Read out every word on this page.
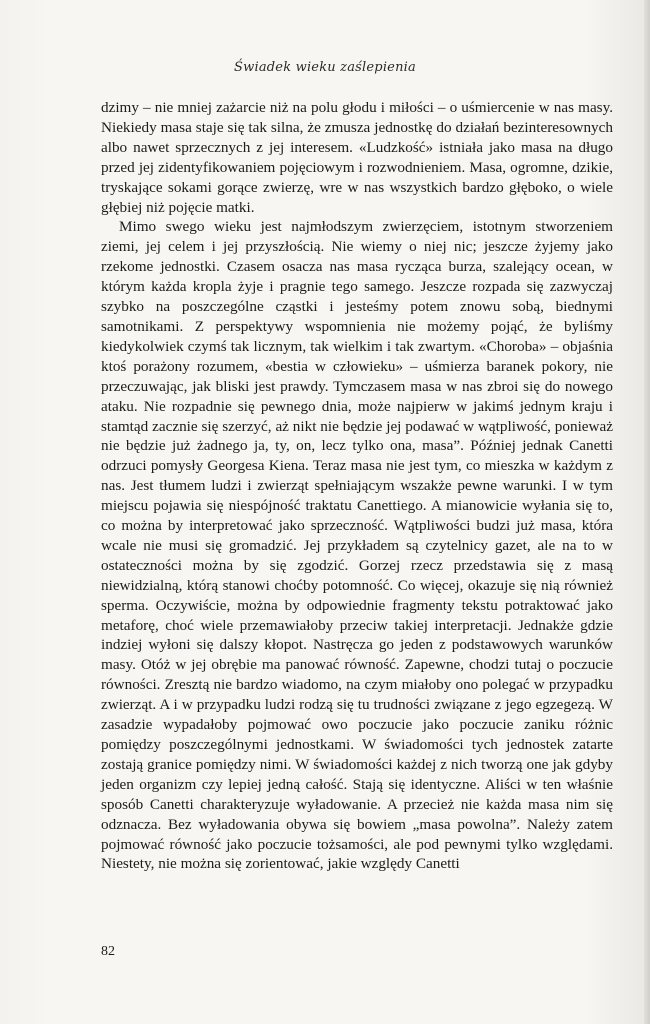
Świadek wieku zaślepienia

dzimy – nie mniej zażarcie niż na polu głodu i miłości – o uśmiercenie w nas masy. Niekiedy masa staje się tak silna, że zmusza jednostkę do działań bezinteresownych albo nawet sprzecznych z jej interesem. «Ludzkość» istniała jako masa na długo przed jej zidentyfikowaniem pojęciowym i rozwodnieniem. Masa, ogromne, dzikie, tryskające sokami gorące zwierzę, wre w nas wszystkich bardzo głęboko, o wiele głębiej niż pojęcie matki.

Mimo swego wieku jest najmłodszym zwierzęciem, istotnym stworzeniem ziemi, jej celem i jej przyszłością. Nie wiemy o niej nic; jeszcze żyjemy jako rzekome jednostki. Czasem osacza nas masa rycząca burza, szalejący ocean, w którym każda kropla żyje i pragnie tego samego. Jeszcze rozpada się zazwyczaj szybko na poszczególne cząstki i jesteśmy potem znowu sobą, biednymi samotnikami. Z perspektywy wspomnienia nie możemy pojąć, że byliśmy kiedykolwiek czymś tak licznym, tak wielkim i tak zwartym. «Choroba» – objaśnia ktoś porażony rozumem, «bestia w człowieku» – uśmierza baranek pokory, nie przeczuwając, jak bliski jest prawdy. Tymczasem masa w nas zbroi się do nowego ataku. Nie rozpadnie się pewnego dnia, może najpierw w jakimś jednym kraju i stamtąd zacznie się szerzyć, aż nikt nie będzie jej podawać w wątpliwość, ponieważ nie będzie już żadnego ja, ty, on, lecz tylko ona, masa”. Później jednak Canetti odrzuci pomysły Georgesa Kiena. Teraz masa nie jest tym, co mieszka w każdym z nas. Jest tłumem ludzi i zwierząt spełniającym wszakże pewne warunki. I w tym miejscu pojawia się niespójność traktatu Canettiego. A mianowicie wyłania się to, co można by interpretować jako sprzeczność. Wątpliwości budzi już masa, która wcale nie musi się gromadzić. Jej przykładem są czytelnicy gazet, ale na to w ostateczności można by się zgodzić. Gorzej rzecz przedstawia się z masą niewidzialną, którą stanowi choćby potomność. Co więcej, okazuje się nią również sperma. Oczywiście, można by odpowiednie fragmenty tekstu potraktować jako metaforę, choć wiele przemawiałoby przeciw takiej interpretacji. Jednakże gdzie indziej wyłoni się dalszy kłopot. Nastręcza go jeden z podstawowych warunków masy. Otóż w jej obrębie ma panować równość. Zapewne, chodzi tutaj o poczucie równości. Zresztą nie bardzo wiadomo, na czym miałoby ono polegać w przypadku zwierząt. A i w przypadku ludzi rodzą się tu trudności związane z jego egzegezą. W zasadzie wypadałoby pojmować owo poczucie jako poczucie zaniku różnic pomiędzy poszczególnymi jednostkami. W świadomości tych jednostek zatarte zostają granice pomiędzy nimi. W świadomości każdej z nich tworzą one jak gdyby jeden organizm czy lepiej jedną całość. Stają się identyczne. Aliści w ten właśnie sposób Canetti charakteryzuje wyładowanie. A przecież nie każda masa nim się odznacza. Bez wyładowania obywa się bowiem „masa powolna”. Należy zatem pojmować równość jako poczucie tożsamości, ale pod pewnymi tylko względami. Niestety, nie można się zorientować, jakie względy Canetti

82
